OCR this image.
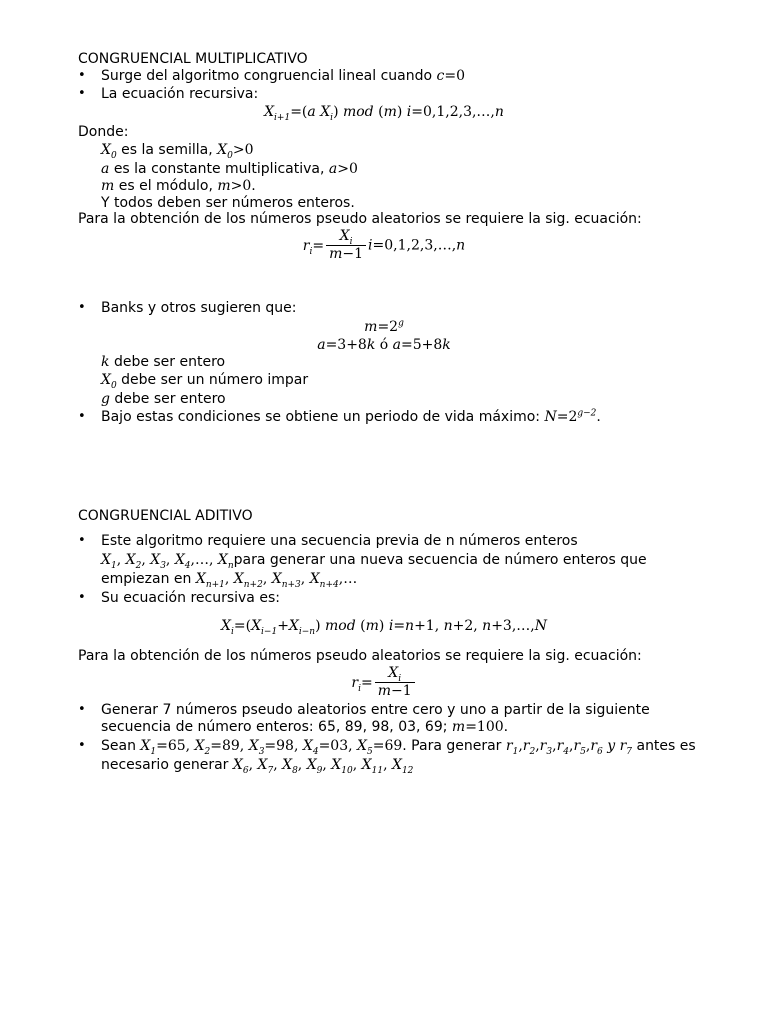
CONGRUENCIAL MULTIPLICATIVO
• Surge del algoritmo congruencial lineal cuando c=0
• La ecuación recursiva:
$X_{i+1}=(a$ $X_i$) mod (m) i=0,1,2,3,…,n
Donde:
$X_0$ es la semilla, $X_0>0$
a es la constante multiplicativa, a>0
m es el módulo, m>0.
Y todos deben ser números enteros.
Para la obtención de los números pseudo aleatorios se requiere la sig. ecuación:
$r_i= \frac{X_i}{m-1}$ i=0,1,2,3,…,n
• Banks y otros sugieren que:
$m=2^g$
a=3+8k ó a=5+8k
k debe ser entero
$X_0$ debe ser un número impar
g debe ser entero
• Bajo estas condiciones se obtiene un periodo de vida máximo: $N=2^{g-2}$.
CONGRUENCIAL ADITIVO
• Este algoritmo requiere una secuencia previa de n números enteros
$X_1$, $X_2$, $X_3$, $X_4,\dots$, $X_npara$ generar una nueva secuencia de número enteros que
empiezan en $X_{n+1}$, $X_{n+2}$, $X_{n+3}$, $X_{n+4},\dots$
• Su ecuación recursiva es:
$X_i=(X_{i-1}+X_{i-n})$ mod (m) i=n+1, n+2, n+3,…,N
Para la obtención de los números pseudo aleatorios se requiere la sig. ecuación:
$r_i= \frac{X_i}{m-1}$
• Generar 7 números pseudo aleatorios entre cero y uno a partir de la siguiente
secuencia de número enteros: 65, 89, 98, 03, 69; m=100.
• Sean $X_1=65$, $X_2=89$, $X_3=98$, $X_4=03$, $X_5=69$. Para generar $r_1,r_2,r_3,r_4,r_5,r_6$ y $r_7$ antes es
necesario generar $X_6$, $X_7$, $X_8$, $X_9$, $X_{10}$, $X_{11}$, $X_{12}$
